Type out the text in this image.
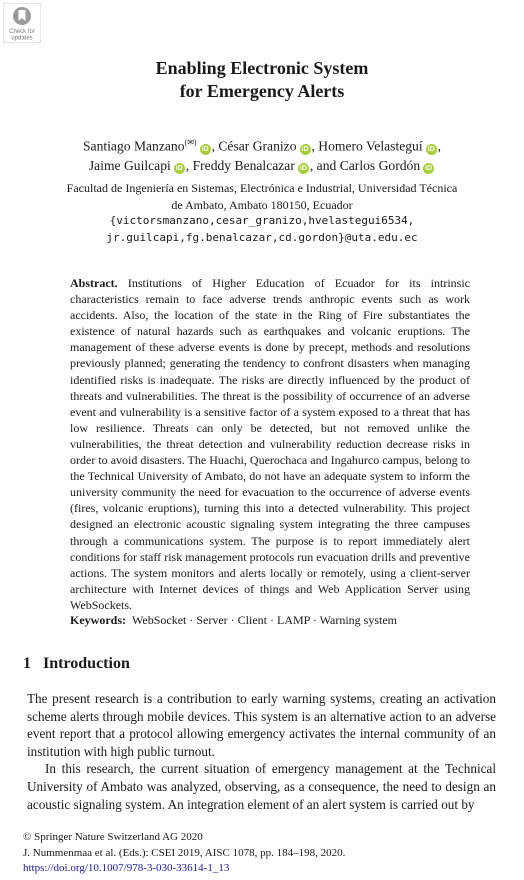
Check for
updates
Enabling Electronic System
for Emergency Alerts
Santiago Manzano(✉)iD , César Granizo iD , Homero Velasteguí iD ,
Jaime Guilcapi iD , Freddy Benalcazar iD , and Carlos Gordón iD
Facultad de Ingeniería en Sistemas, Electrónica e Industrial, Universidad Técnica
de Ambato, Ambato 180150, Ecuador
{victorsmanzano,cesar_granizo,hvelastegui6534,
jr.guilcapi,fg.benalcazar,cd.gordon}@uta.edu.ec
Abstract. Institutions of Higher Education of Ecuador for its intrinsic characteristics remain to face adverse trends anthropic events such as work accidents. Also, the location of the state in the Ring of Fire substantiates the existence of natural hazards such as earthquakes and volcanic eruptions. The management of these adverse events is done by precept, methods and resolutions previously planned; generating the tendency to confront disasters when managing identified risks is inadequate. The risks are directly influenced by the product of threats and vulnerabilities. The threat is the possibility of occurrence of an adverse event and vulnerability is a sensitive factor of a system exposed to a threat that has low resilience. Threats can only be detected, but not removed unlike the vulnerabilities, the threat detection and vulnerability reduction decrease risks in order to avoid disasters. The Huachi, Querochaca and Ingahurco campus, belong to the Technical University of Ambato, do not have an adequate system to inform the university community the need for evacuation to the occurrence of adverse events (fires, volcanic eruptions), turning this into a detected vulnerability. This project designed an electronic acoustic signaling system integrating the three campuses through a communications system. The purpose is to report immediately alert conditions for staff risk management protocols run evacuation drills and preventive actions. The system monitors and alerts locally or remotely, using a client-server architecture with Internet devices of things and Web Application Server using WebSockets.
Keywords: WebSocket · Server · Client · LAMP · Warning system
1 Introduction

The present research is a contribution to early warning systems, creating an activation scheme alerts through mobile devices. This system is an alternative action to an adverse event report that a protocol allowing emergency activates the internal community of an institution with high public turnout.

In this research, the current situation of emergency management at the Technical University of Ambato was analyzed, observing, as a consequence, the need to design an acoustic signaling system. An integration element of an alert system is carried out by

© Springer Nature Switzerland AG 2020
J. Nummenmaa et al. (Eds.): CSEI 2019, AISC 1078, pp. 184–198, 2020.
https://doi.org/10.1007/978-3-030-33614-1_13
